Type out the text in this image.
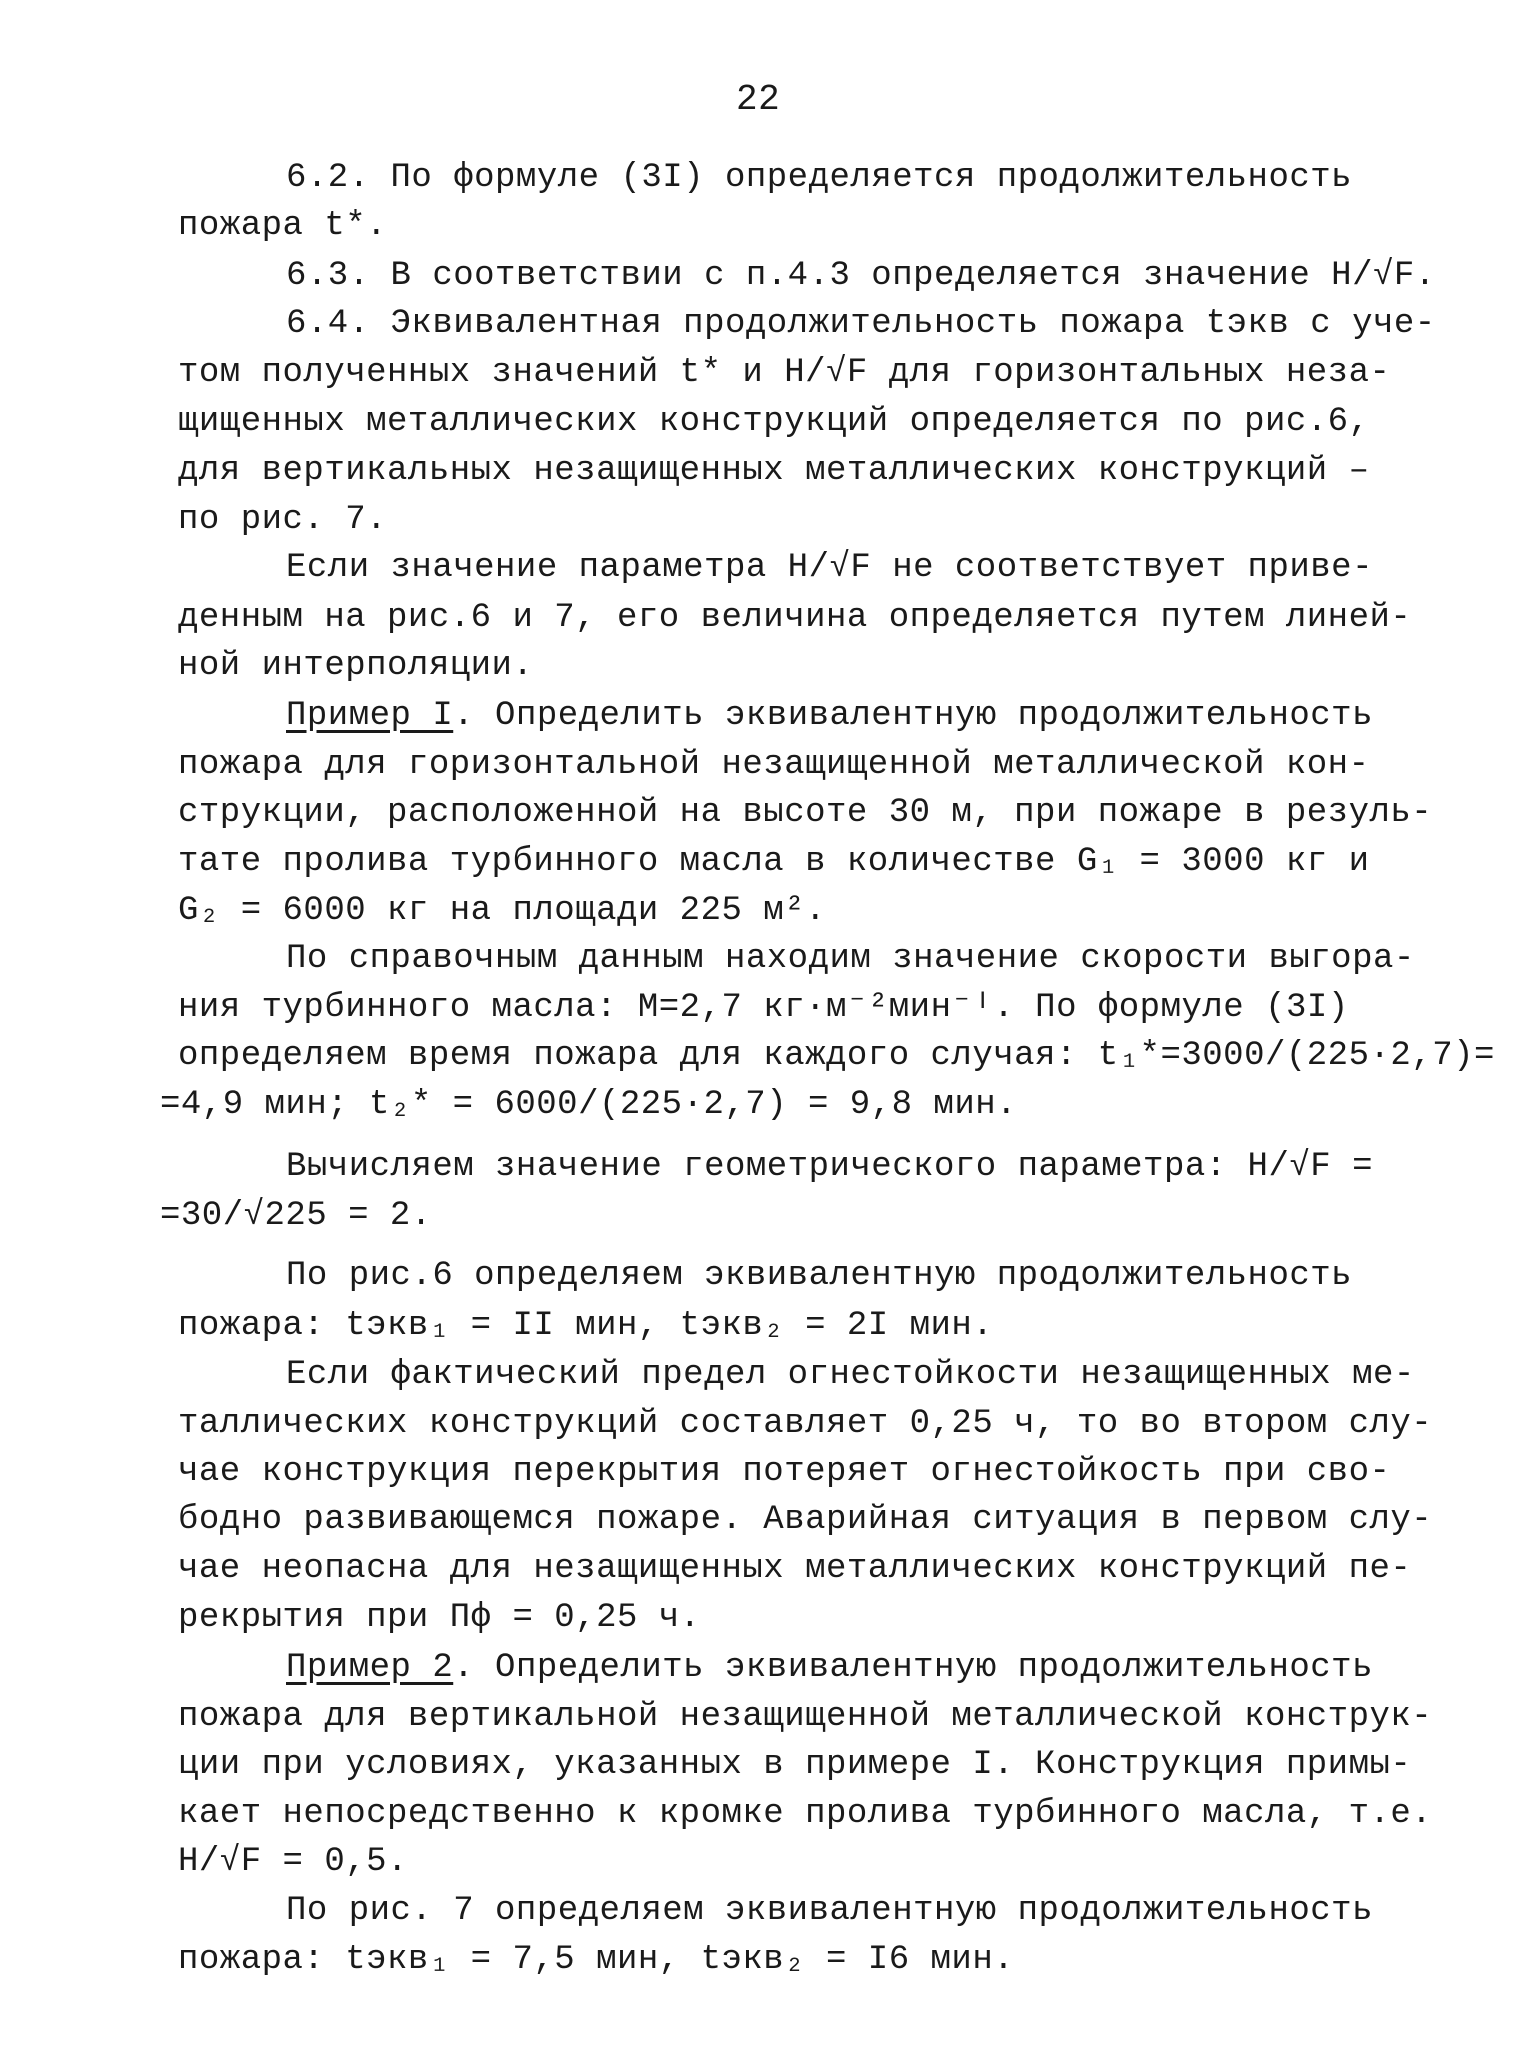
22
6.2. По формуле (3I) определяется продолжительность
пожара t*.
6.3. В соответствии с п.4.3 определяется значение H/√F.
6.4. Эквивалентная продолжительность пожара tэкв с уче-
том полученных значений t* и H/√F для горизонтальных неза-
щищенных металлических конструкций определяется по рис.6,
для вертикальных незащищенных металлических конструкций –
по рис. 7.
Если значение параметра H/√F не соответствует приве-
денным на рис.6 и 7, его величина определяется путем линей-
ной интерполяции.
Пример I. Определить эквивалентную продолжительность
пожара для горизонтальной незащищенной металлической кон-
струкции, расположенной на высоте 30 м, при пожаре в резуль-
тате пролива турбинного масла в количестве G₁ = 3000 кг и
G₂ = 6000 кг на площади 225 м².
По справочным данным находим значение скорости выгора-
ния турбинного масла: M=2,7 кг·м⁻²мин⁻ᴵ. По формуле (3I)
определяем время пожара для каждого случая: t₁*=3000/(225·2,7)=
=4,9 мин; t₂* = 6000/(225·2,7) = 9,8 мин.
Вычисляем значение геометрического параметра: H/√F =
=30/√225 = 2.
По рис.6 определяем эквивалентную продолжительность
пожара: tэкв₁ = II мин, tэкв₂ = 2I мин.
Если фактический предел огнестойкости незащищенных ме-
таллических конструкций составляет 0,25 ч, то во втором слу-
чае конструкция перекрытия потеряет огнестойкость при сво-
бодно развивающемся пожаре. Аварийная ситуация в первом слу-
чае неопасна для незащищенных металлических конструкций пе-
рекрытия при Пф = 0,25 ч.
Пример 2. Определить эквивалентную продолжительность
пожара для вертикальной незащищенной металлической конструк-
ции при условиях, указанных в примере I. Конструкция примы-
кает непосредственно к кромке пролива турбинного масла, т.е.
H/√F = 0,5.
По рис. 7 определяем эквивалентную продолжительность
пожара: tэкв₁ = 7,5 мин, tэкв₂ = I6 мин.
